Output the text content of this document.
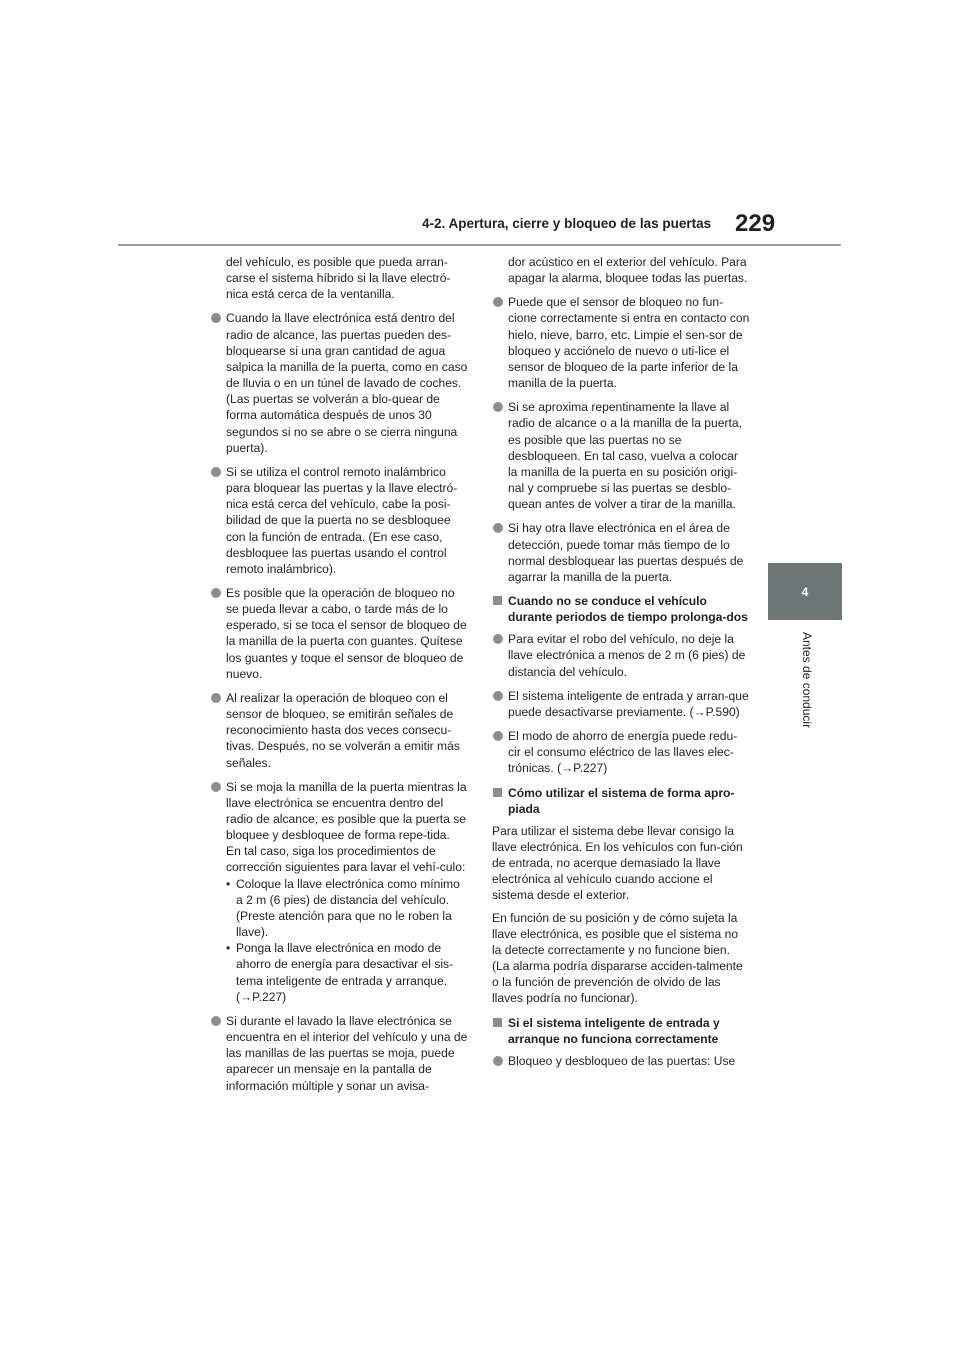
4-2. Apertura, cierre y bloqueo de las puertas 229
4
Antes de conducir

del vehículo, es posible que pueda arran-carse el sistema híbrido si la llave electró-nica está cerca de la ventanilla.

Cuando la llave electrónica está dentro del radio de alcance, las puertas pueden des-bloquearse si una gran cantidad de agua salpica la manilla de la puerta, como en caso de lluvia o en un túnel de lavado de coches. (Las puertas se volverán a blo-quear de forma automática después de unos 30 segundos si no se abre o se cierra ninguna puerta).
Si se utiliza el control remoto inalámbrico para bloquear las puertas y la llave electró-nica está cerca del vehículo, cabe la posi-bilidad de que la puerta no se desbloquee con la función de entrada. (En ese caso, desbloquee las puertas usando el control remoto inalámbrico).
Es posible que la operación de bloqueo no se pueda llevar a cabo, o tarde más de lo esperado, si se toca el sensor de bloqueo de la manilla de la puerta con guantes. Quítese los guantes y toque el sensor de bloqueo de nuevo.
Al realizar la operación de bloqueo con el sensor de bloqueo, se emitirán señales de reconocimiento hasta dos veces consecu-tivas. Después, no se volverán a emitir más señales.
Si se moja la manilla de la puerta mientras la llave electrónica se encuentra dentro del radio de alcance, es posible que la puerta se bloquee y desbloquee de forma repe-tida. En tal caso, siga los procedimientos de corrección siguientes para lavar el vehí-culo:
• Coloque la llave electrónica como mínimo a 2 m (6 pies) de distancia del vehículo. (Preste atención para que no le roben la llave).
• Ponga la llave electrónica en modo de ahorro de energía para desactivar el sis-tema inteligente de entrada y arranque. (→P.227)
Si durante el lavado la llave electrónica se encuentra en el interior del vehículo y una de las manillas de las puertas se moja, puede aparecer un mensaje en la pantalla de información múltiple y sonar un avisa-

dor acústico en el exterior del vehículo. Para apagar la alarma, bloquee todas las puertas.

Puede que el sensor de bloqueo no fun-cione correctamente si entra en contacto con hielo, nieve, barro, etc. Limpie el sen-sor de bloqueo y acciónelo de nuevo o uti-lice el sensor de bloqueo de la parte inferior de la manilla de la puerta.
Si se aproxima repentinamente la llave al radio de alcance o a la manilla de la puerta, es posible que las puertas no se desbloqueen. En tal caso, vuelva a colocar la manilla de la puerta en su posición origi-nal y compruebe si las puertas se desblo-quean antes de volver a tirar de la manilla.
Si hay otra llave electrónica en el área de detección, puede tomar más tiempo de lo normal desbloquear las puertas después de agarrar la manilla de la puerta.
Cuando no se conduce el vehículo durante periodos de tiempo prolonga-dos
Para evitar el robo del vehículo, no deje la llave electrónica a menos de 2 m (6 pies) de distancia del vehículo.
El sistema inteligente de entrada y arran-que puede desactivarse previamente. (→P.590)
El modo de ahorro de energía puede redu-cir el consumo eléctrico de las llaves elec-trónicas. (→P.227)
Cómo utilizar el sistema de forma apro-piada

Para utilizar el sistema debe llevar consigo la llave electrónica. En los vehículos con fun-ción de entrada, no acerque demasiado la llave electrónica al vehículo cuando accione el sistema desde el exterior.

En función de su posición y de cómo sujeta la llave electrónica, es posible que el sistema no la detecte correctamente y no funcione bien. (La alarma podría dispararse acciden-talmente o la función de prevención de olvido de las llaves podría no funcionar).

Si el sistema inteligente de entrada y arranque no funciona correctamente
Bloqueo y desbloqueo de las puertas: Use
